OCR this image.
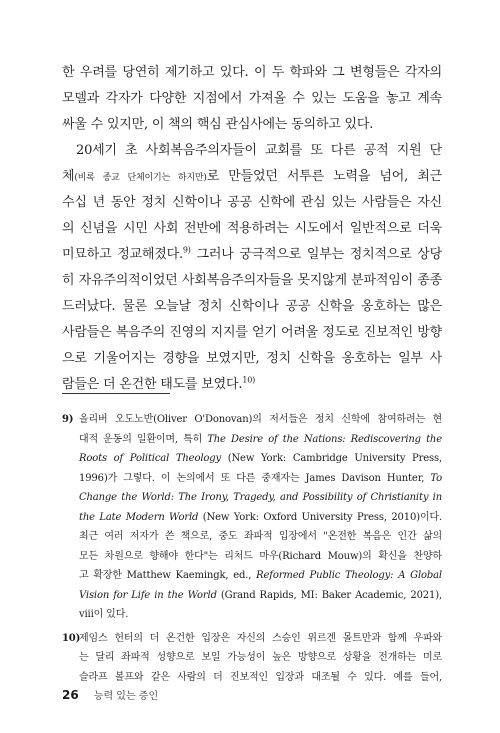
한 우려를 당연히 제기하고 있다. 이 두 학파와 그 변형들은 각자의
모델과 각자가 다양한 지점에서 가져올 수 있는 도움을 놓고 계속
싸울 수 있지만, 이 책의 핵심 관심사에는 동의하고 있다.
20세기 초 사회복음주의자들이 교회를 또 다른 공적 지원 단
체(비록 종교 단체이기는 하지만)로 만들었던 서투른 노력을 넘어, 최근
수십 년 동안 정치 신학이나 공공 신학에 관심 있는 사람들은 자신
의 신념을 시민 사회 전반에 적용하려는 시도에서 일반적으로 더욱
미묘하고 정교해졌다.$^{9)}$ 그러나 궁극적으로 일부는 정치적으로 상당
히 자유주의적이었던 사회복음주의자들을 못지않게 분파적임이 종종
드러났다. 물론 오늘날 정치 신학이나 공공 신학을 옹호하는 많은
사람들은 복음주의 진영의 지지를 얻기 어려울 정도로 진보적인 방향
으로 기울어지는 경향을 보였지만, 정치 신학을 옹호하는 일부 사
람들은 더 온건한 태도를 보였다.$^{10)}$
9) 올리버 오도노반(Oliver O'Donovan)의 저서들은 정치 신학에 참여하려는 현
대적 운동의 일환이며, 특히 The Desire of the Nations: Rediscovering the
Roots of Political Theology (New York: Cambridge University Press,
1996)가 그렇다. 이 논의에서 또 다른 중재자는 James Davison Hunter, To
Change the World: The Irony, Tragedy, and Possibility of Christianity in
the Late Modern World (New York: Oxford University Press, 2010)이다.
최근 여러 저자가 쓴 책으로, 중도 좌파적 입장에서 "온전한 복음은 인간 삶의
모든 차원으로 향해야 한다"는 리처드 마우(Richard Mouw)의 확신을 찬양하
고 확장한 Matthew Kaemingk, ed., Reformed Public Theology: A Global
Vision for Life in the World (Grand Rapids, MI: Baker Academic, 2021),
viii이 있다.
10)제임스 헌터의 더 온건한 입장은 자신의 스승인 위르겐 몰트만과 함께 우파와
는 달리 좌파적 성향으로 보일 가능성이 높은 방향으로 상황을 전개하는 미로
슬라프 볼프와 같은 사람의 더 진보적인 입장과 대조될 수 있다. 예를 들어,
26 능력 있는 증인
